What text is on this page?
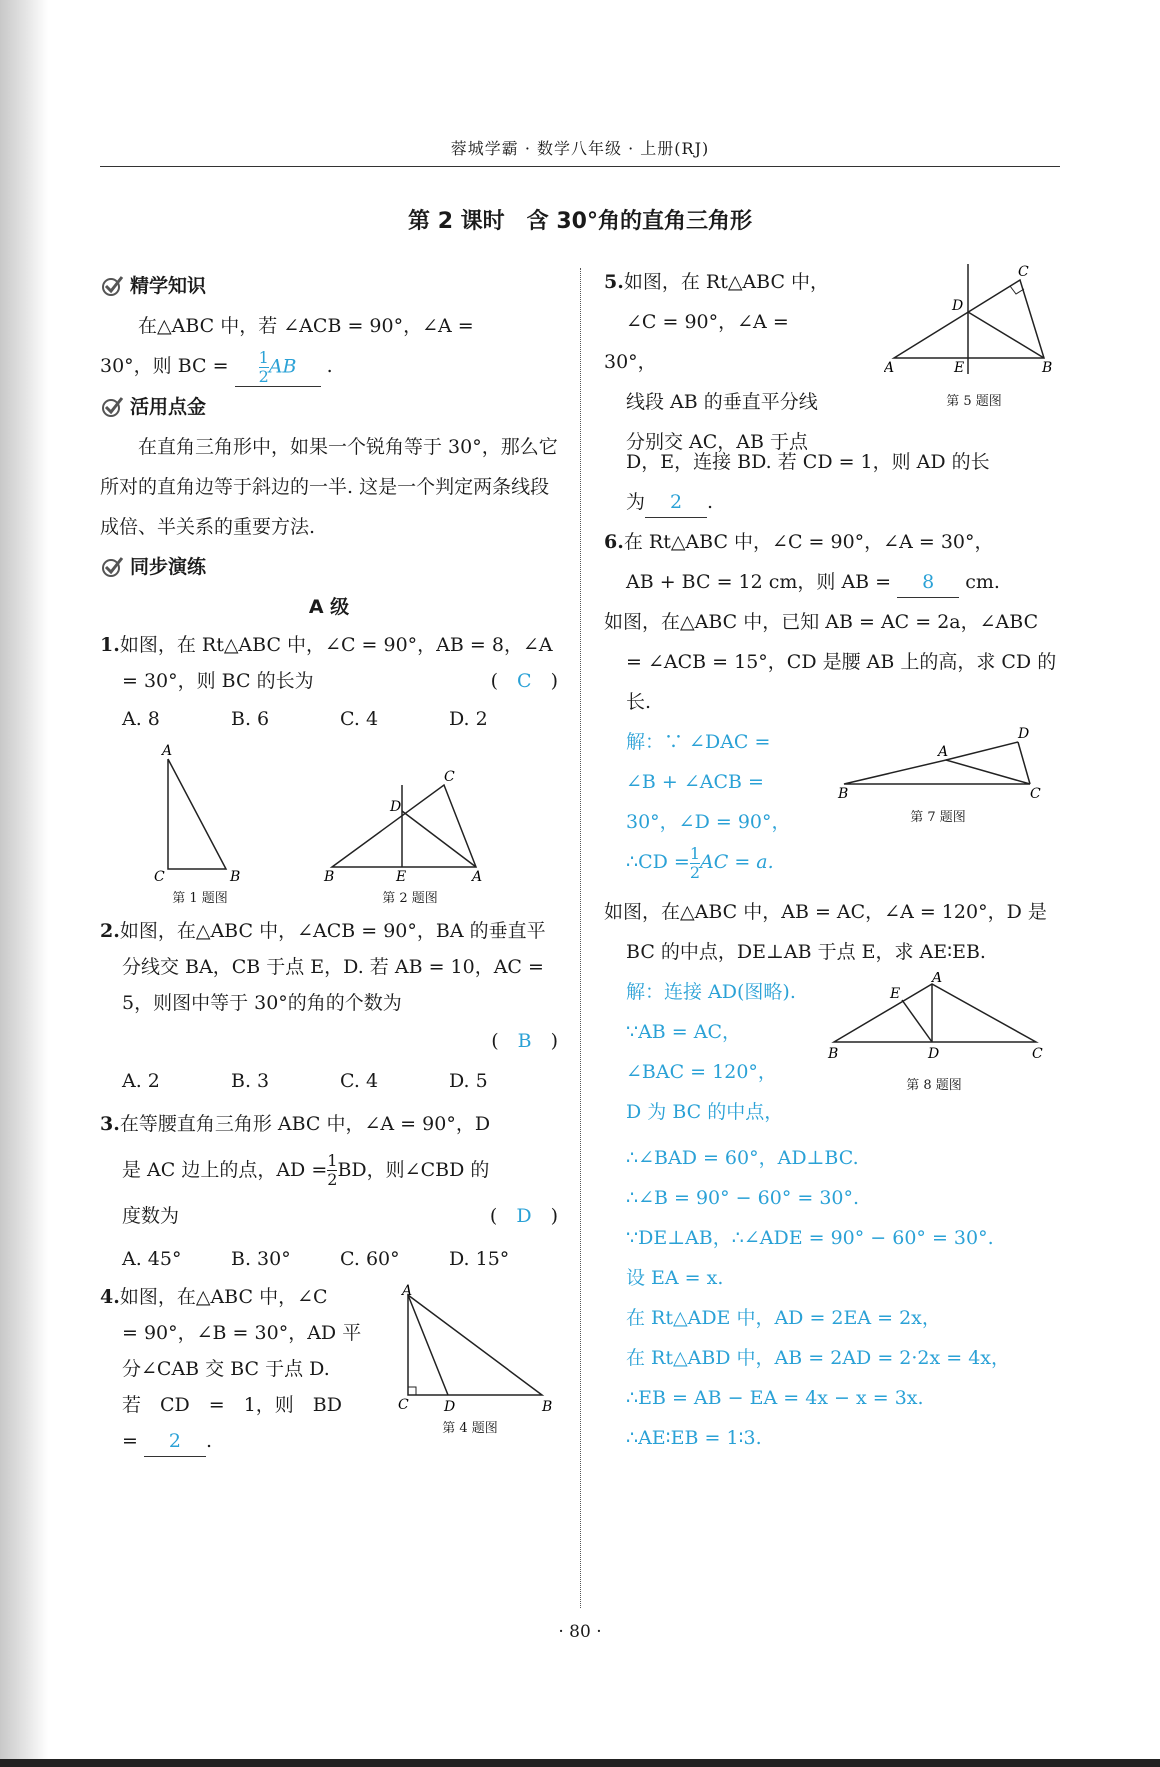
蓉城学霸 · 数学八年级 · 上册(RJ)
第 2 课时　含 30°角的直角三角形
精学知识

在△ABC 中，若 ∠ACB = 90°，∠A =

30°，则 BC = $\frac{1}{2}$ AB .

活用点金

在直角三角形中，如果一个锐角等于 30°，那么它所对的直角边等于斜边的一半. 这是一个判定两条线段成倍、半关系的重要方法.

同步演练
A 级

1.如图，在 Rt△ABC 中，∠C = 90°，AB = 8，∠A = 30°，则 BC 的长为	(　C　)

A. 8	B. 6	C. 4	D. 2
A
C	B
第 1 题图
C
D
B	E	A
第 2 题图

2.如图，在△ABC 中，∠ACB = 90°，BA 的垂直平分线交 BA，CB 于点 E，D. 若 AB = 10，AC = 5，则图中等于 30°的角的个数为

(　B　)

A. 2	B. 3	C. 4	D. 5

3.在等腰直角三角形 ABC 中，∠A = 90°，D
是 AC 边上的点，AD = $\frac{1}{2}$ BD，则∠CBD 的
度数为	(　D　)

A. 45°	B. 30°	C. 60°	D. 15°
4.如图，在△ABC 中，∠C
= 90°，∠B = 30°，AD 平
分∠CAB 交 BC 于点 D.
若　CD　=　1，则　BD
= 2 .
A
C	D	B
第 4 题图
5.如图，在 Rt△ABC 中，
∠C = 90°，∠A = 30°，
线段 AB 的垂直平分线
分别交 AC，AB 于点
C
D
A	E	B
第 5 题图

D，E，连接 BD. 若 CD = 1，则 AD 的长

为 2 .

6.在 Rt△ABC 中，∠C = 90°，∠A = 30°，
AB + BC = 12 cm，则 AB = 8 cm.

如图，在△ABC 中，已知 AB = AC = 2a，∠ABC = ∠ACB = 15°，CD 是腰 AB 上的高，求 CD 的长.

解：∵ ∠DAC =
∠B + ∠ACB =
30°，∠D = 90°，
∴CD = $\frac{1}{2}$ AC = a.
D
A
B	C
第 7 题图

如图，在△ABC 中，AB = AC，∠A = 120°，D 是 BC 的中点，DE⊥AB 于点 E，求 AE∶EB.

解：连接 AD(图略).
∵AB = AC，
∠BAC = 120°，
D 为 BC 的中点，
∴∠BAD = 60°，AD⊥BC.
∴∠B = 90° − 60° = 30°.
∵DE⊥AB，∴∠ADE = 90° − 60° = 30°.
设 EA = x.
在 Rt△ADE 中，AD = 2EA = 2x，
在 Rt△ABD 中，AB = 2AD = 2·2x = 4x，
∴EB = AB − EA = 4x − x = 3x.
∴AE∶EB = 1∶3.
A
E
B	D	C
第 8 题图
· 80 ·
